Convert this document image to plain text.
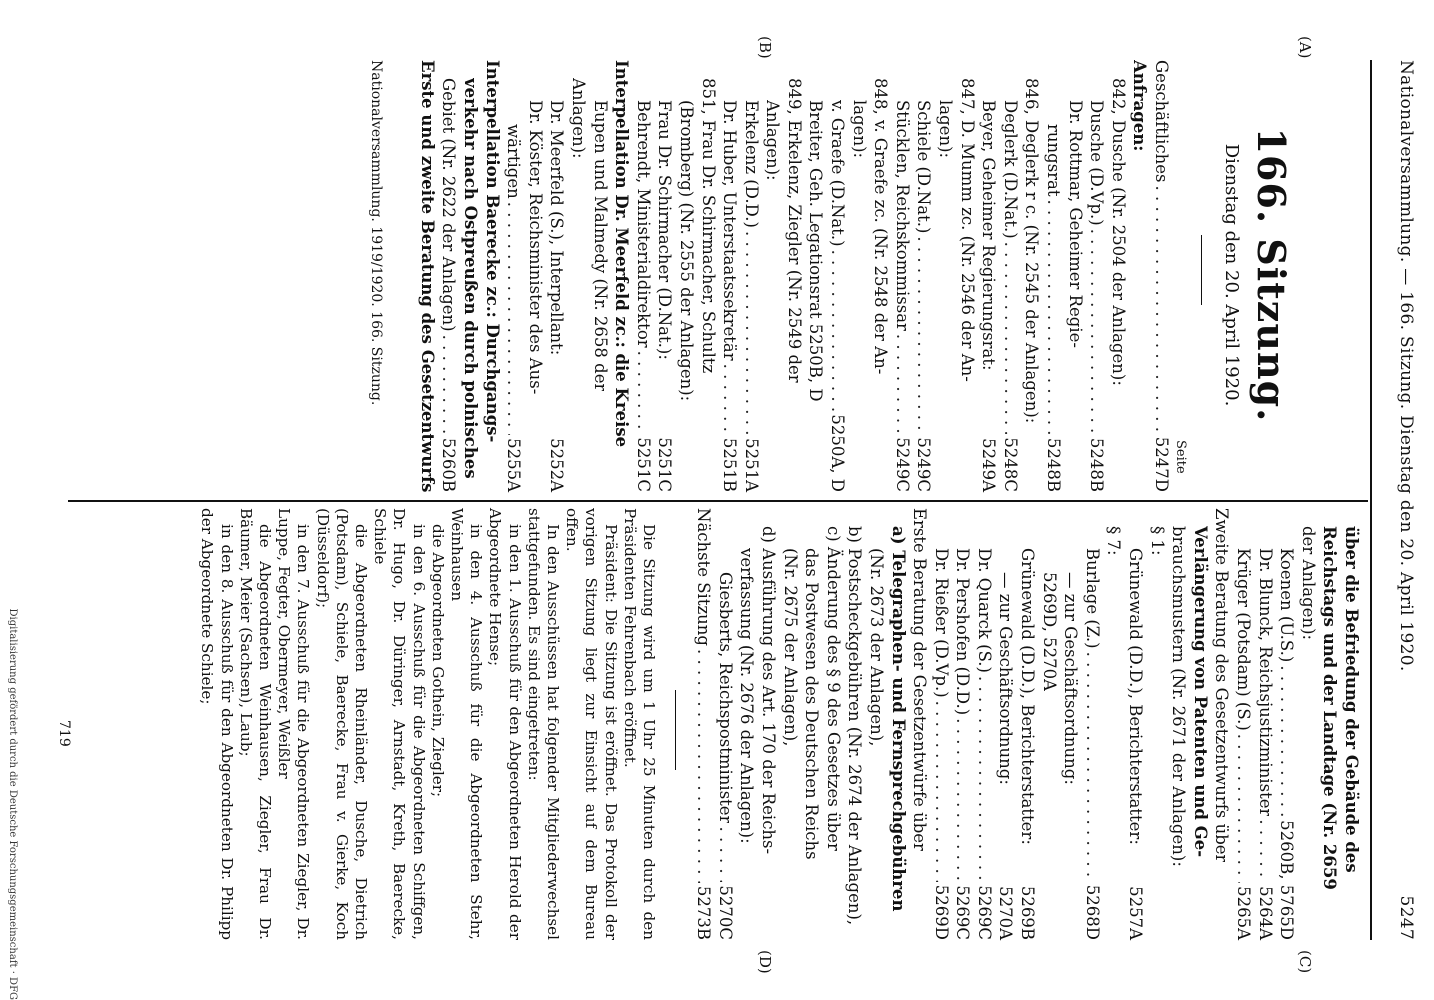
Nationalversammlung. — 166. Sitzung. Dienstag den 20. April 1920.
5247
(A)
(B)
(C)
(D)
166. Sitzung.
Dienstag den 20. April 1920.
Seite
Geschäftliches
. . .
5247D
Anfragen:
842, Dusche (Nr. 2504 der Anlagen):
Dusche (D.Vp.)
. . .
5248B
Dr. Rottmar, Geheimer Regie-
rungsrat
. . .
5248B
846, Deglerk r c. (Nr. 2545 der Anlagen):
Deglerk (D.Nat.)
. . .
5248C
Beyer, Geheimer Regierungsrat:
5249A
847, D. Mumm zc. (Nr. 2546 der An-
lagen):
Schiele (D.Nat.)
. . .
5249C
Stücklen, Reichskommissar
. . .
5249C
848, v. Graefe zc. (Nr. 2548 der An-
lagen):
v. Graefe (D.Nat.)
. . .
5250A, D
Breiter, Geh. Legationsrat 5250B, D
849, Erkelenz, Ziegler (Nr. 2549 der
Anlagen):
Erkelenz (D.D.)
. . .
5251A
Dr. Huber, Unterstaatssekretär
. . .
5251B
851, Frau Dr. Schirmacher, Schultz
(Bromberg) (Nr. 2555 der Anlagen):
Frau Dr. Schirmacher (D.Nat.):
5251C
Behrendt, Ministerialdirektor
. . .
5251C
Interpellation Dr. Meerfeld zc.: die Kreise
Eupen und Malmedy (Nr. 2658 der
Anlagen):
Dr. Meerfeld (S.), Interpellant:
5252A
Dr. Köster, Reichsminister des Aus-
wärtigen
. . .
5255A
Interpellation Baerecke zc.: Durchgangs-
verkehr nach Ostpreußen durch polnisches
Gebiet (Nr. 2622 der Anlagen)
. . .
5260B
Erste und zweite Beratung des Gesetzentwurfs
Nationalversammlung. 1919/1920. 166. Sitzung.
über die Befriedung der Gebäude des
Reichstags und der Landtage (Nr. 2659
der Anlagen):
Koenen (U.S.)
. . .
5260B, 5765D
Dr. Blunck, Reichsjustizminister
. . .
5264A
Krüger (Potsdam) (S.)
. . .
5265A
Zweite Beratung des Gesetzentwurfs über
Verlängerung von Patenten und Ge-
brauchsmustern (Nr. 2671 der Anlagen):
§ 1:
Grünewald (D.D.), Berichterstatter:
5257A
§ 7:
Burlage (Z.)
. . .
5268D
— zur Geschäftsordnung:
5269D, 5270A
Grünewald (D.D.), Berichterstatter:
5269B
— zur Geschäftsordnung:
5270A
Dr. Quarck (S.)
. . .
5269C
Dr. Pershofen (D.D.)
. . .
5269C
Dr. Rießer (D.Vp.)
. . .
5269D
Erste Beratung der Gesetzentwürfe über
a) Telegraphen- und Fernsprechgebühren
(Nr. 2673 der Anlagen),
b) Postscheckgebühren (Nr. 2674 der Anlagen),
c) Änderung des § 9 des Gesetzes über
das Postwesen des Deutschen Reichs
(Nr. 2675 der Anlagen),
d) Ausführung des Art. 170 der Reichs-
verfassung (Nr. 2676 der Anlagen):
Giesberts, Reichspostminister
. . .
5270C
Nächste Sitzung
. . .
5273B
Die Sitzung wird um 1 Uhr 25 Minuten durch den Präsidenten Fehrenbach eröffnet.
Präsident: Die Sitzung ist eröffnet. Das Protokoll der vorigen Sitzung liegt zur Einsicht auf dem Bureau offen.
In den Ausschüssen hat folgender Mitgliederwechsel stattgefunden. Es sind eingetreten:
in den 1. Ausschuß für den Abgeordneten Herold der Abgeordnete Hense;
in den 4. Ausschuß für die Abgeordneten Stehr, Weinhausen
die Abgeordneten Gothein, Ziegler;
in den 6. Ausschuß für die Abgeordneten Schiffgen, Dr. Hugo, Dr. Düringer, Arnstadt, Kreth, Baerecke, Schiele
die Abgeordneten Rheinländer, Dusche, Dietrich (Potsdam), Schiele, Baerecke, Frau v. Gierke, Koch (Düsseldorf);
in den 7. Ausschuß für die Abgeordneten Ziegler, Dr. Luppe, Fegter, Obermeyer, Weißler
die Abgeordneten Weinhausen, Ziegler, Frau Dr. Bäumer, Meier (Sachsen), Laub;
in den 8. Ausschuß für den Abgeordneten Dr. Philipp der Abgeordnete Schiele;
719
Digitalisierung gefördert durch die Deutsche Forschungsgemeinschaft · DFG
